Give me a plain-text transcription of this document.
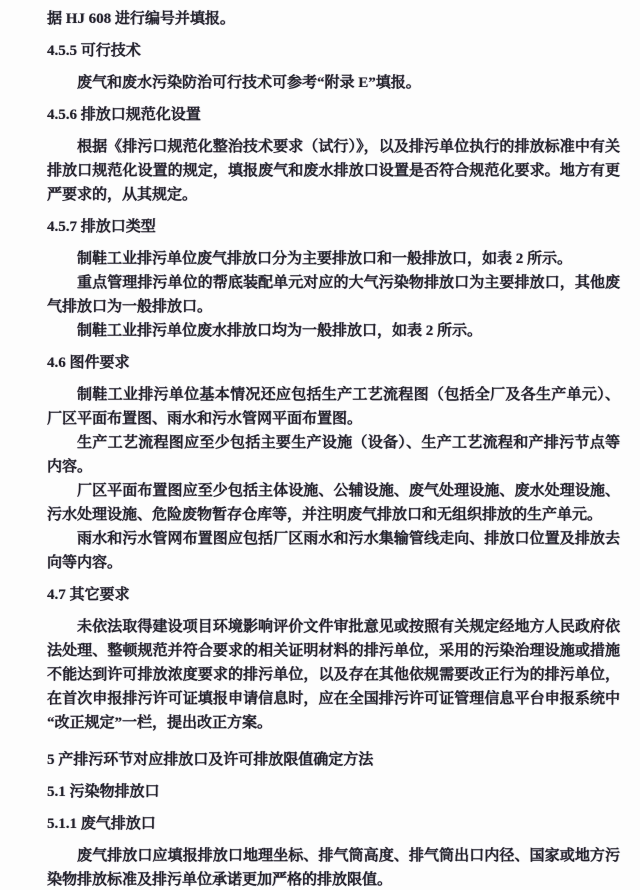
据 HJ 608 进行编号并填报。

4.5.5 可行技术

废气和废水污染防治可行技术可参考“附录 E”填报。

4.5.6 排放口规范化设置

根据《排污口规范化整治技术要求（试行）》，以及排污单位执行的排放标准中有关排放口规范化设置的规定，填报废气和废水排放口设置是否符合规范化要求。地方有更严要求的，从其规定。

4.5.7 排放口类型

制鞋工业排污单位废气排放口分为主要排放口和一般排放口，如表 2 所示。

重点管理排污单位的帮底装配单元对应的大气污染物排放口为主要排放口，其他废气排放口为一般排放口。

制鞋工业排污单位废水排放口均为一般排放口，如表 2 所示。

4.6 图件要求

制鞋工业排污单位基本情况还应包括生产工艺流程图（包括全厂及各生产单元）、厂区平面布置图、雨水和污水管网平面布置图。

生产工艺流程图应至少包括主要生产设施（设备）、生产工艺流程和产排污节点等内容。

厂区平面布置图应至少包括主体设施、公辅设施、废气处理设施、废水处理设施、污水处理设施、危险废物暂存仓库等，并注明废气排放口和无组织排放的生产单元。

雨水和污水管网布置图应包括厂区雨水和污水集输管线走向、排放口位置及排放去向等内容。

4.7 其它要求

未依法取得建设项目环境影响评价文件审批意见或按照有关规定经地方人民政府依法处理、整顿规范并符合要求的相关证明材料的排污单位，采用的污染治理设施或措施不能达到许可排放浓度要求的排污单位，以及存在其他依规需要改正行为的排污单位，在首次申报排污许可证填报申请信息时，应在全国排污许可证管理信息平台申报系统中“改正规定”一栏，提出改正方案。

5 产排污环节对应排放口及许可排放限值确定方法
5.1 污染物排放口
5.1.1 废气排放口

废气排放口应填报排放口地理坐标、排气筒高度、排气筒出口内径、国家或地方污染物排放标准及排污单位承诺更加严格的排放限值。
